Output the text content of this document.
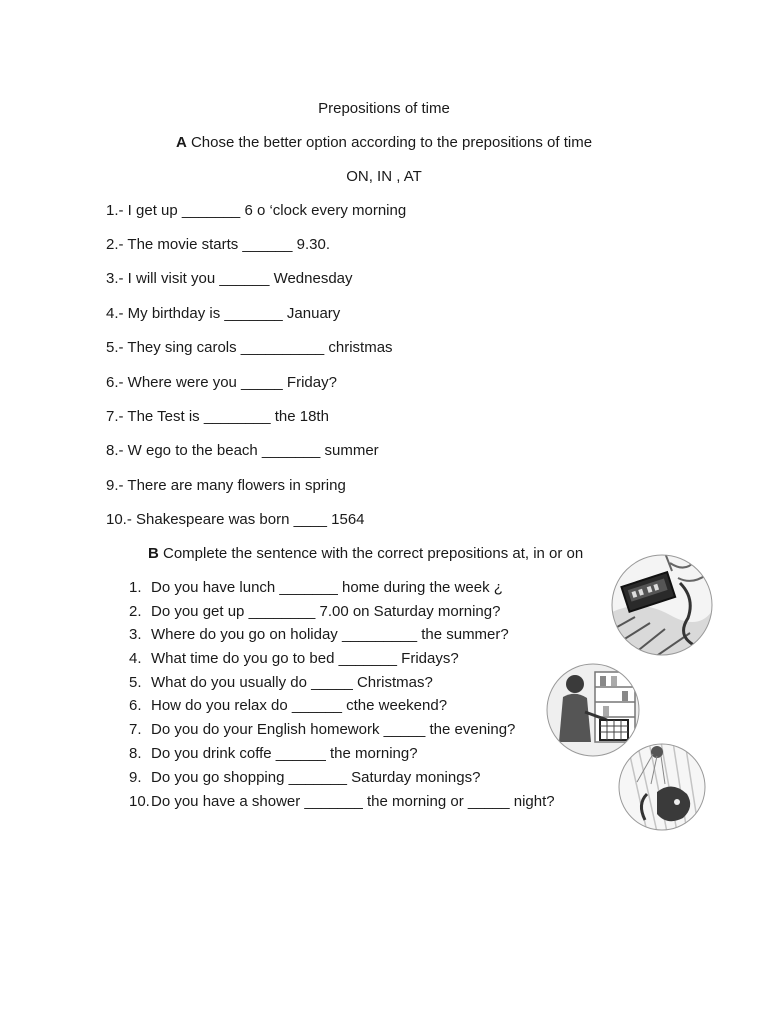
Prepositions of time
A Chose the better option according to the prepositions of time
ON, IN , AT
1.- I get up _______ 6 o ‘clock every morning
2.- The movie starts ______ 9.30.
3.- I will visit you ______ Wednesday
4.- My birthday is _______ January
5.- They sing carols __________ christmas
6.- Where were you _____ Friday?
7.- The Test is ________ the 18th
8.- W ego to the beach _______ summer
9.- There are many flowers in spring
10.- Shakespeare was born ____ 1564
B Complete the sentence with the correct prepositions at, in or on
1. Do you have lunch _______ home during the week ¿
2. Do you get up ________ 7.00 on Saturday morning?
3. Where do you go on holiday _________ the summer?
4. What time do you go to bed _______ Fridays?
5. What do you usually do _____ Christmas?
6. How do you relax do ______ cthe weekend?
7. Do you do your English homework _____ the evening?
8. Do you drink coffe ______ the morning?
9. Do you go shopping _______ Saturday monings?
10.Do you have a shower _______ the morning or _____ night?
